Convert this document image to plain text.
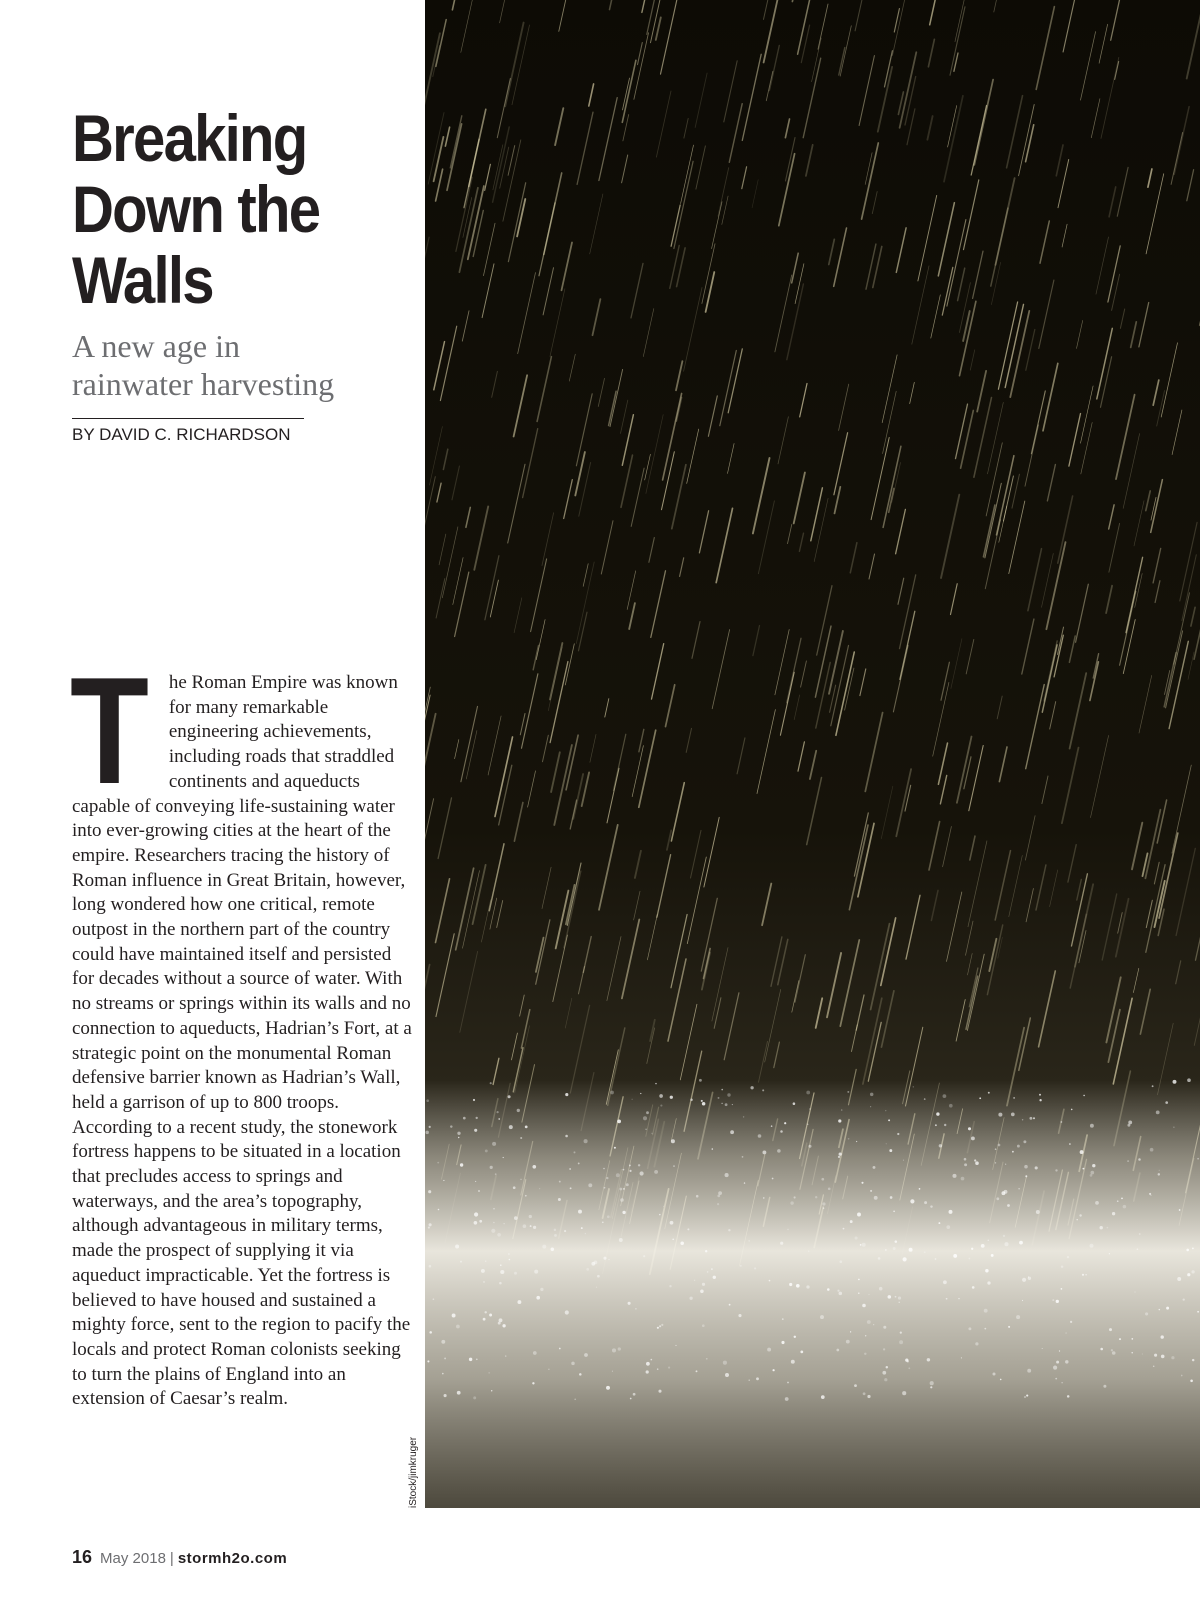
Breaking
Down the
Walls
A new age in
rainwater harvesting

BY DAVID C. RICHARDSON

T he Roman Empire was known for many remarkable engineering achievements, including roads that straddled continents and aqueducts capable of conveying life-sustaining water into ever-growing cities at the heart of the empire. Researchers tracing the history of Roman influence in Great Britain, however, long wondered how one critical, remote outpost in the northern part of the country could have maintained itself and persisted for decades without a source of water. With no streams or springs within its walls and no connection to aqueducts, Hadrian’s Fort, at a strategic point on the monumental Roman defensive barrier known as Hadrian’s Wall, held a garrison of up to 800 troops. According to a recent study, the stonework fortress happens to be situated in a location that precludes access to springs and waterways, and the area’s topography, although advantageous in military terms, made the prospect of supplying it via aqueduct impracticable. Yet the fortress is believed to have housed and sustained a mighty force, sent to the region to pacify the locals and protect Roman colonists seeking to turn the plains of England into an extension of Caesar’s realm.

iStock/jimkruger

16 May 2018 | stormh2o.com
